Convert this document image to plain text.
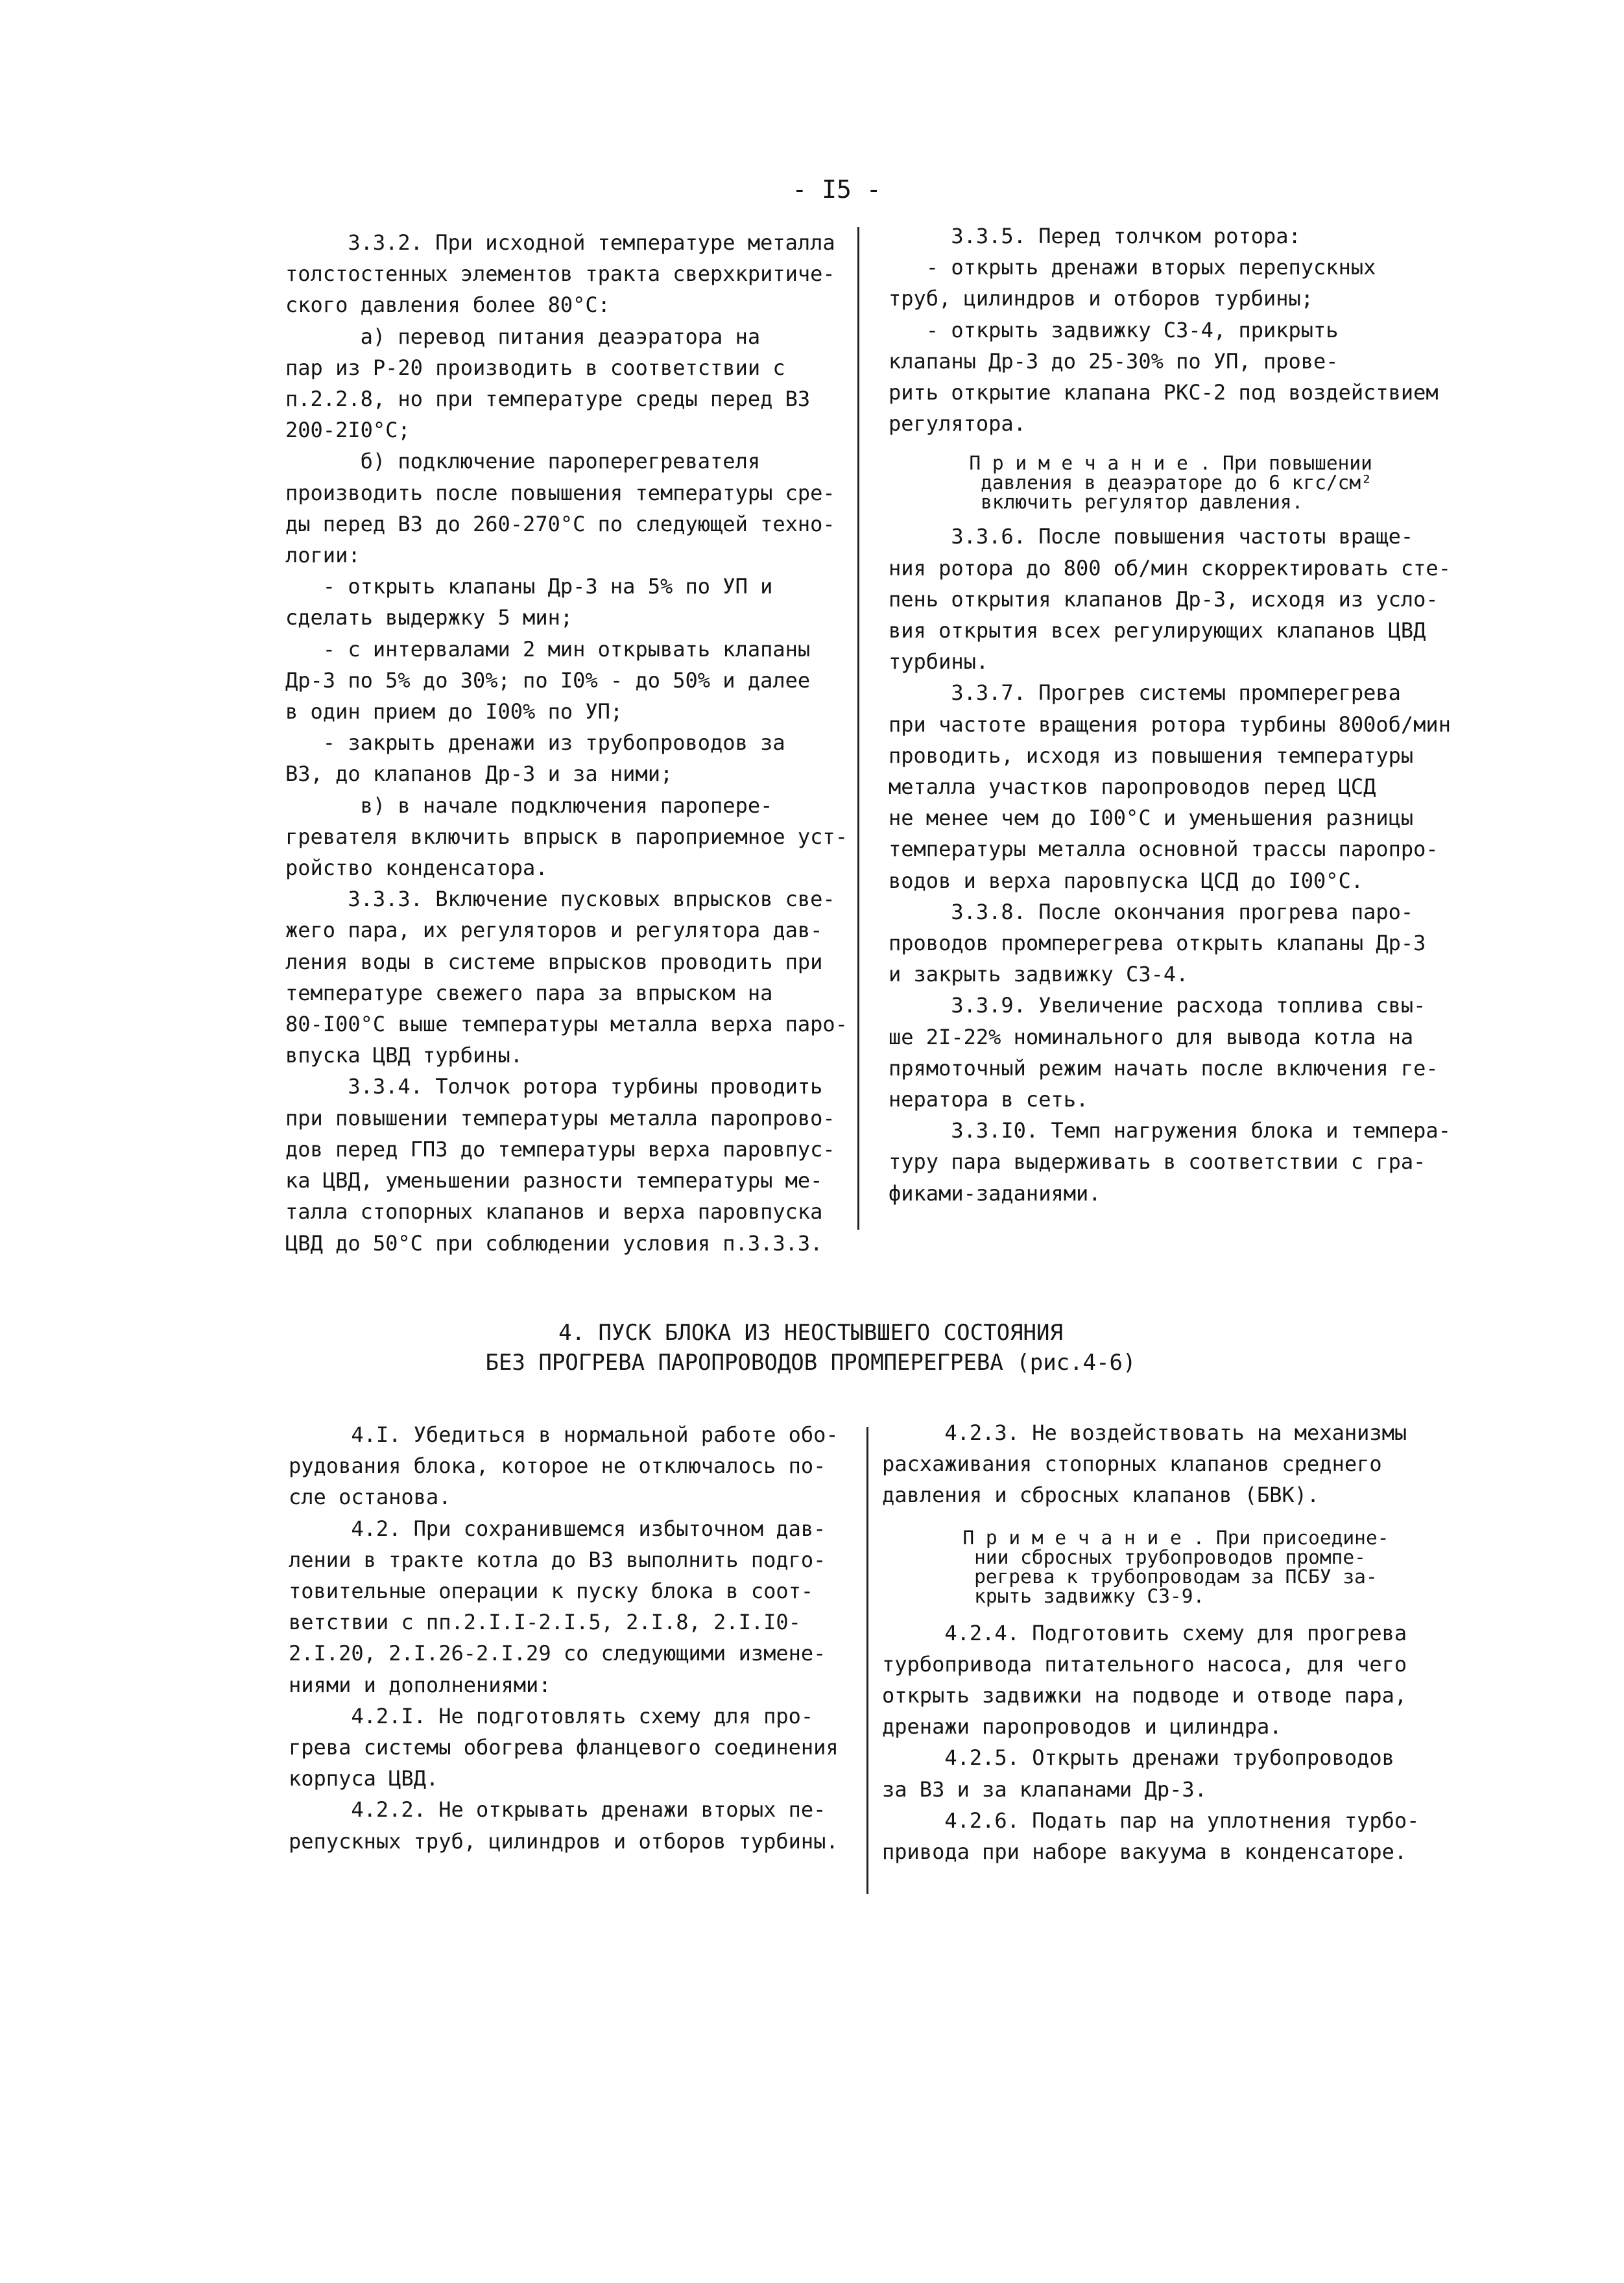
- I5 -

3.3.2. При исходной температуре металла

толстостенных элементов тракта сверхкритиче-

ского давления более 80°С:

а) перевод питания деаэратора на

пар из Р-20 производить в соответствии с

п.2.2.8, но при температуре среды перед ВЗ

200-2I0°С;

б) подключение пароперегревателя

производить после повышения температуры сре-

ды перед ВЗ до 260-270°С по следующей техно-

логии:

- открыть клапаны Др-3 на 5% по УП и

сделать выдержку 5 мин;

- с интервалами 2 мин открывать клапаны

Др-3 по 5% до 30%; по I0% - до 50% и далее

в один прием до I00% по УП;

- закрыть дренажи из трубопроводов за

ВЗ, до клапанов Др-3 и за ними;

в) в начале подключения паропере-

гревателя включить впрыск в пароприемное уст-

ройство конденсатора.

3.3.3. Включение пусковых впрысков све-

жего пара, их регуляторов и регулятора дав-

ления воды в системе впрысков проводить при

температуре свежего пара за впрыском на

80-I00°С выше температуры металла верха паро-

впуска ЦВД турбины.

3.3.4. Толчок ротора турбины проводить

при повышении температуры металла паропрово-

дов перед ГПЗ до температуры верха паровпус-

ка ЦВД, уменьшении разности температуры ме-

талла стопорных клапанов и верха паровпуска

ЦВД до 50°С при соблюдении условия п.3.3.3.

3.3.5. Перед толчком ротора:

- открыть дренажи вторых перепускных

труб, цилиндров и отборов турбины;

- открыть задвижку СЗ-4, прикрыть

клапаны Др-3 до 25-30% по УП, прове-

рить открытие клапана РКС-2 под воздействием

регулятора.

П р и м е ч а н и е . При повышении

давления в деаэраторе до 6 кгс/см²

включить регулятор давления.

3.3.6. После повышения частоты враще-

ния ротора до 800 об/мин скорректировать сте-

пень открытия клапанов Др-3, исходя из усло-

вия открытия всех регулирующих клапанов ЦВД

турбины.

3.3.7. Прогрев системы промперегрева

при частоте вращения ротора турбины 800об/мин

проводить, исходя из повышения температуры

металла участков паропроводов перед ЦСД

не менее чем до I00°С и уменьшения разницы

температуры металла основной трассы паропро-

водов и верха паровпуска ЦСД до I00°С.

3.3.8. После окончания прогрева паро-

проводов промперегрева открыть клапаны Др-3

и закрыть задвижку СЗ-4.

3.3.9. Увеличение расхода топлива свы-

ше 2I-22% номинального для вывода котла на

прямоточный режим начать после включения ге-

нератора в сеть.

3.3.I0. Темп нагружения блока и темпера-

туру пара выдерживать в соответствии с гра-

фиками-заданиями.

4. ПУСК БЛОКА ИЗ НЕОСТЫВШЕГО СОСТОЯНИЯ

БЕЗ ПРОГРЕВА ПАРОПРОВОДОВ ПРОМПЕРЕГРЕВА (рис.4-6)

4.I. Убедиться в нормальной работе обо-

рудования блока, которое не отключалось по-

сле останова.

4.2. При сохранившемся избыточном дав-

лении в тракте котла до ВЗ выполнить подго-

товительные операции к пуску блока в соот-

ветствии с пп.2.I.I-2.I.5, 2.I.8, 2.I.I0-

2.I.20, 2.I.26-2.I.29 со следующими измене-

ниями и дополнениями:

4.2.I. Не подготовлять схему для про-

грева системы обогрева фланцевого соединения

корпуса ЦВД.

4.2.2. Не открывать дренажи вторых пе-

репускных труб, цилиндров и отборов турбины.

4.2.3. Не воздействовать на механизмы

расхаживания стопорных клапанов среднего

давления и сбросных клапанов (БВК).

П р и м е ч а н и е . При присоедине-

нии сбросных трубопроводов промпе-

регрева к трубопроводам за ПСБУ за-

крыть задвижку СЗ-9.

4.2.4. Подготовить схему для прогрева

турбопривода питательного насоса, для чего

открыть задвижки на подводе и отводе пара,

дренажи паропроводов и цилиндра.

4.2.5. Открыть дренажи трубопроводов

за ВЗ и за клапанами Др-3.

4.2.6. Подать пар на уплотнения турбо-

привода при наборе вакуума в конденсаторе.
